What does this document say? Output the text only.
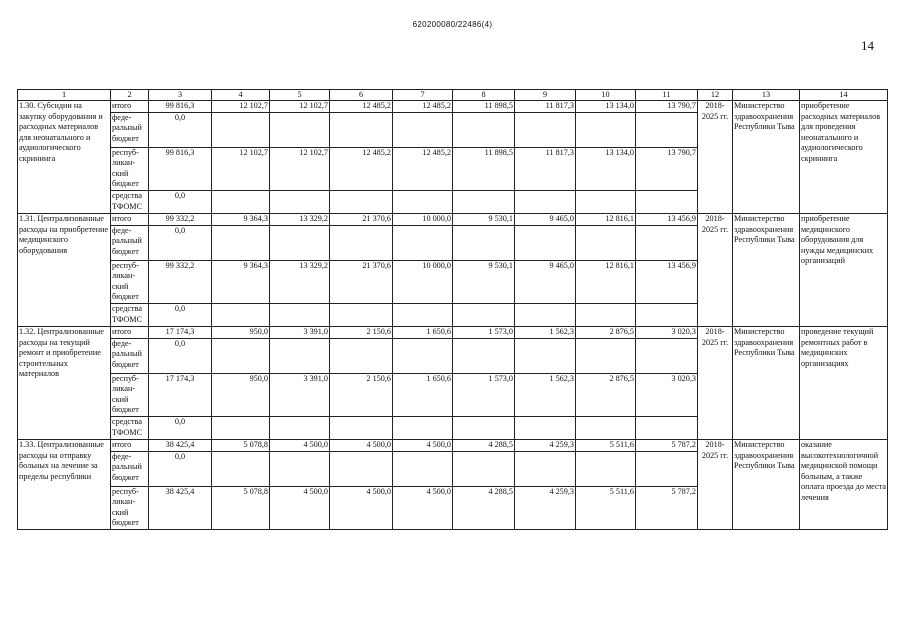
620200080/22486(4)
14
1	2	3	4	5	6	7	8	9	10	11	12	13	14
1.30. Субсидии на закупку оборудования и расходных материалов для неонатального и аудиологического скрининга	итого	99 816,3	12 102,7	12 102,7	12 485,2	12 485,2	11 898,5	11 817,3	13 134,0	13 790,7	2018-2025 гг.	Министерство здравоохранения Республики Тыва	приобретение расходных материалов для проведения неонатального и аудиологического скрининга
	феде-ральный бюджет	0,0											
	респуб-ликан-ский бюджет	99 816,3	12 102,7	12 102,7	12 485,2	12 485,2	11 898,5	11 817,3	13 134,0	13 790,7			
	средства ТФОМС	0,0											
1.31. Централизованные расходы на приобретение медицинского оборудования	итого	99 332,2	9 364,3	13 329,2	21 370,6	10 000,0	9 530,1	9 465,0	12 816,1	13 456,9	2018-2025 гг.	Министерство здравоохранения Республики Тыва	приобретение медицинского оборудования для нужды медицинских организаций
	феде-ральный бюджет	0,0											
	респуб-ликан-ский бюджет	99 332,2	9 364,3	13 329,2	21 370,6	10 000,0	9 530,1	9 465,0	12 816,1	13 456,9			
	средства ТФОМС	0,0											
1.32. Централизованные расходы на текущий ремонт и приобретение строительных материалов	итого	17 174,3	950,0	3 391,0	2 150,6	1 650,6	1 573,0	1 562,3	2 876,5	3 020,3	2018-2025 гг.	Министерство здравоохранения Республики Тыва	проведение текущий ремонтных работ в медицинских организациях
	феде-ральный бюджет	0,0											
	респуб-ликан-ский бюджет	17 174,3	950,0	3 391,0	2 150,6	1 650,6	1 573,0	1 562,3	2 876,5	3 020,3			
	средства ТФОМС	0,0											
1.33. Централизованные расходы на отправку больных на лечение за пределы республики	итого	38 425,4	5 078,8	4 500,0	4 500,0	4 500,0	4 288,5	4 259,3	5 511,6	5 787,2	2018-2025 гг.	Министерство здравоохранения Республики Тыва	оказание высокотехнологичной медицинской помощи больным, а также оплата проезда до места лечения
	феде-ральный бюджет	0,0											
	респуб-ликан-ский бюджет	38 425,4	5 078,8	4 500,0	4 500,0	4 500,0	4 288,5	4 259,3	5 511,6	5 787,2			
